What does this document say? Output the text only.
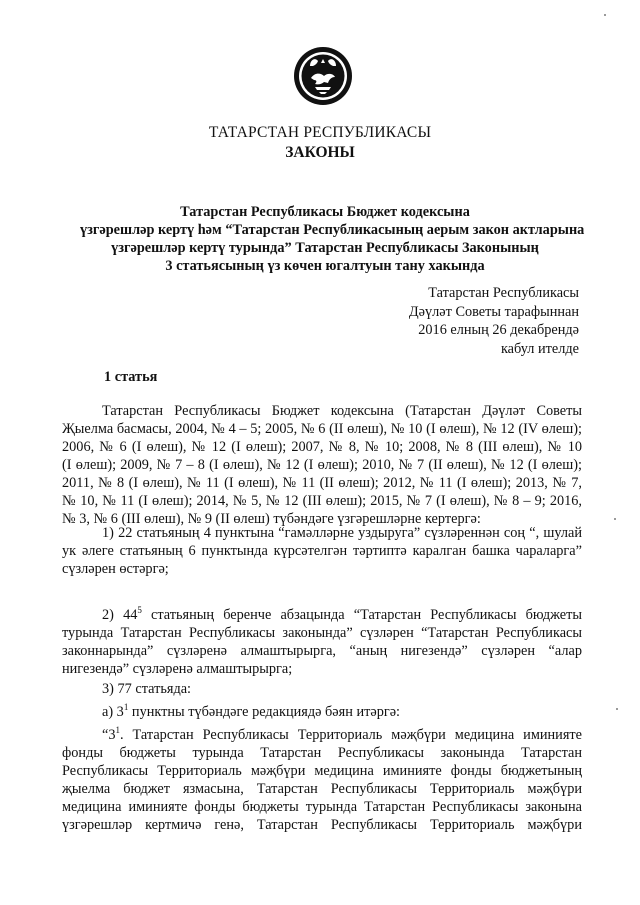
ТАТАРСТАН РЕСПУБЛИКАСЫ
ЗАКОНЫ
Татарстан Республикасы Бюджет кодексына
үзгәрешләр кертү һәм “Татарстан Республикасының аерым закон актларына
үзгәрешләр кертү турында” Татарстан Республикасы Законының
3 статьясының үз көчен югалтуын тану хакында
Татарстан Республикасы
Дәүләт Советы тарафыннан
2016 елның 26 декабрендә
кабул ителде
1 статья
Татарстан Республикасы Бюджет кодексына (Татарстан Дәүләт Советы
Җыелма басмасы, 2004, № 4 – 5; 2005, № 6 (II өлеш), № 10 (I өлеш), № 12 (IV өлеш);
2006, № 6 (I өлеш), № 12 (I өлеш); 2007, № 8, № 10; 2008, № 8 (III өлеш), № 10
(I өлеш); 2009, № 7 – 8 (I өлеш), № 12 (I өлеш); 2010, № 7 (II өлеш), № 12 (I өлеш);
2011, № 8 (I өлеш), № 11 (I өлеш), № 11 (II өлеш); 2012, № 11 (I өлеш); 2013, № 7,
№ 10, № 11 (I өлеш); 2014, № 5, № 12 (III өлеш); 2015, № 7 (I өлеш), № 8 – 9; 2016,
№ 3, № 6 (III өлеш), № 9 (II өлеш) түбәндәге үзгәрешләрне кертергә:
1) 22 статьяның 4 пунктына “гамәлләрне уздыруга” сүзләреннән соң “, шулай
ук әлеге статьяның 6 пунктында күрсәтелгән тәртиптә каралган башка чараларга”
сүзләрен өстәргә;
2) $44^5$ статьяның беренче абзацында “Татарстан Республикасы бюджеты
турында Татарстан Республикасы законында” сүзләрен “Татарстан Республикасы
законнарында” сүзләренә алмаштырырга, “аның нигезендә” сүзләрен “алар
нигезендә” сүзләренә алмаштырырга;
3) 77 статьяда:
а) $3^1$ пунктны түбәндәге редакциядә бәян итәргә:
“$3^1$. Татарстан Республикасы Территориаль мәҗбүри медицина иминияте
фонды бюджеты турында Татарстан Республикасы законында Татарстан
Республикасы Территориаль мәҗбүри медицина иминияте фонды бюджетының
җыелма бюджет язмасына, Татарстан Республикасы Территориаль мәҗбүри
медицина иминияте фонды бюджеты турында Татарстан Республикасы законына
үзгәрешләр кертмичә генә, Татарстан Республикасы Территориаль мәҗбүри
